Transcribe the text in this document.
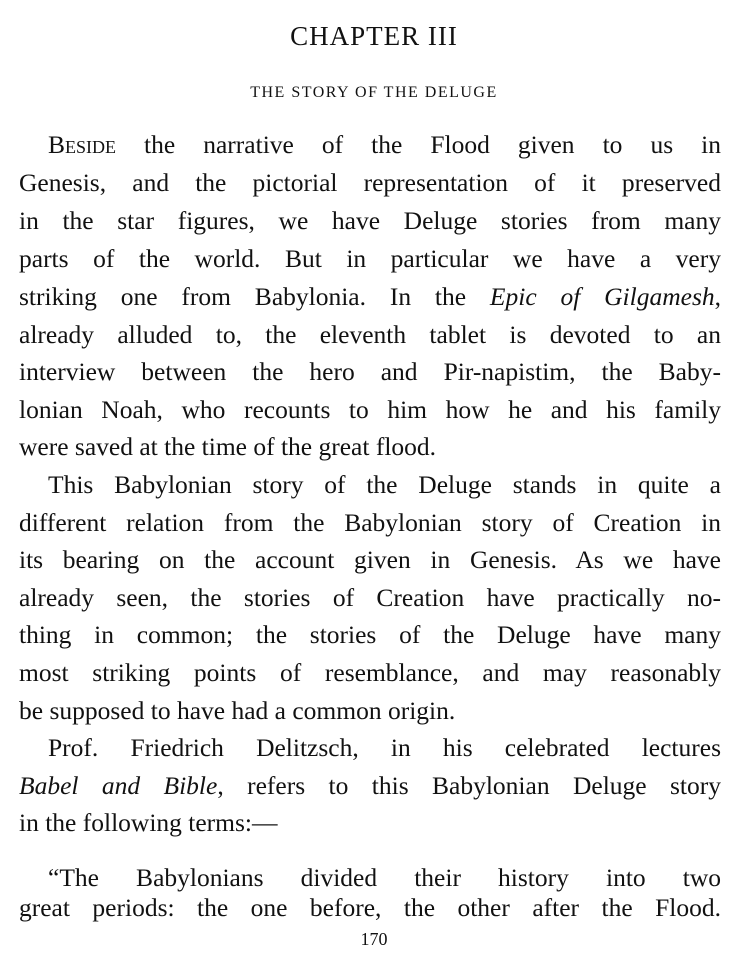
CHAPTER III
THE STORY OF THE DELUGE
Beside the narrative of the Flood given to us in
Genesis, and the pictorial representation of it preserved
in the star figures, we have Deluge stories from many
parts of the world. But in particular we have a very
striking one from Babylonia. In the Epic of Gilgamesh,
already alluded to, the eleventh tablet is devoted to an
interview between the hero and Pir-napistim, the Baby-
lonian Noah, who recounts to him how he and his family
were saved at the time of the great flood.
This Babylonian story of the Deluge stands in quite a
different relation from the Babylonian story of Creation in
its bearing on the account given in Genesis. As we have
already seen, the stories of Creation have practically no-
thing in common; the stories of the Deluge have many
most striking points of resemblance, and may reasonably
be supposed to have had a common origin.
Prof. Friedrich Delitzsch, in his celebrated lectures
Babel and Bible, refers to this Babylonian Deluge story
in the following terms:—
“The Babylonians divided their history into two
great periods: the one before, the other after the Flood.
170
